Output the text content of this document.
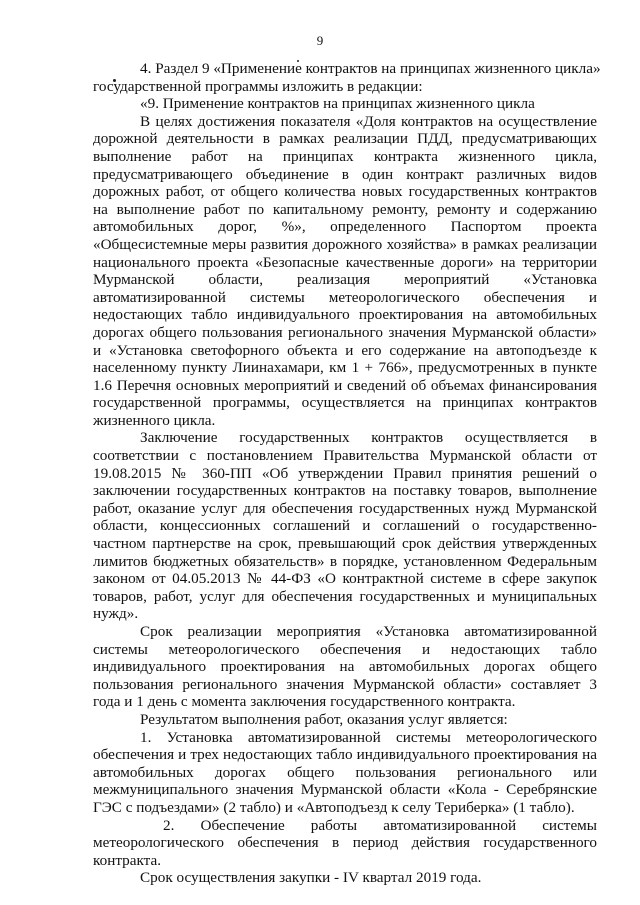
9
4. Раздел 9 «Применение контрактов на принципах жизненного цикла»
государственной программы изложить в редакции:
«9. Применение контрактов на принципах жизненного цикла
В целях достижения показателя «Доля контрактов на осуществление
дорожной деятельности в рамках реализации ПДД, предусматривающих
выполнение работ на принципах контракта жизненного цикла,
предусматривающего объединение в один контракт различных видов
дорожных работ, от общего количества новых государственных контрактов
на выполнение работ по капитальному ремонту, ремонту и содержанию
автомобильных дорог, %», определенного Паспортом проекта
«Общесистемные меры развития дорожного хозяйства» в рамках реализации
национального проекта «Безопасные качественные дороги» на территории
Мурманской области, реализация мероприятий «Установка
автоматизированной системы метеорологического обеспечения и
недостающих табло индивидуального проектирования на автомобильных
дорогах общего пользования регионального значения Мурманской области»
и «Установка светофорного объекта и его содержание на автоподъезде к
населенному пункту Лиинахамари, км 1 + 766», предусмотренных в пункте
1.6 Перечня основных мероприятий и сведений об объемах финансирования
государственной программы, осуществляется на принципах контрактов
жизненного цикла.
Заключение государственных контрактов осуществляется в
соответствии с постановлением Правительства Мурманской области от
19.08.2015 № 360-ПП «Об утверждении Правил принятия решений о
заключении государственных контрактов на поставку товаров, выполнение
работ, оказание услуг для обеспечения государственных нужд Мурманской
области, концессионных соглашений и соглашений о государственно-
частном партнерстве на срок, превышающий срок действия утвержденных
лимитов бюджетных обязательств» в порядке, установленном Федеральным
законом от 04.05.2013 № 44-ФЗ «О контрактной системе в сфере закупок
товаров, работ, услуг для обеспечения государственных и муниципальных
нужд».
Срок реализации мероприятия «Установка автоматизированной
системы метеорологического обеспечения и недостающих табло
индивидуального проектирования на автомобильных дорогах общего
пользования регионального значения Мурманской области» составляет 3
года и 1 день с момента заключения государственного контракта.
Результатом выполнения работ, оказания услуг является:
1. Установка автоматизированной системы метеорологического
обеспечения и трех недостающих табло индивидуального проектирования на
автомобильных дорогах общего пользования регионального или
межмуниципального значения Мурманской области «Кола - Серебрянские
ГЭС с подъездами» (2 табло) и «Автоподъезд к селу Териберка» (1 табло).
2. Обеспечение работы автоматизированной системы
метеорологического обеспечения в период действия государственного
контракта.
Срок осуществления закупки - IV квартал 2019 года.
